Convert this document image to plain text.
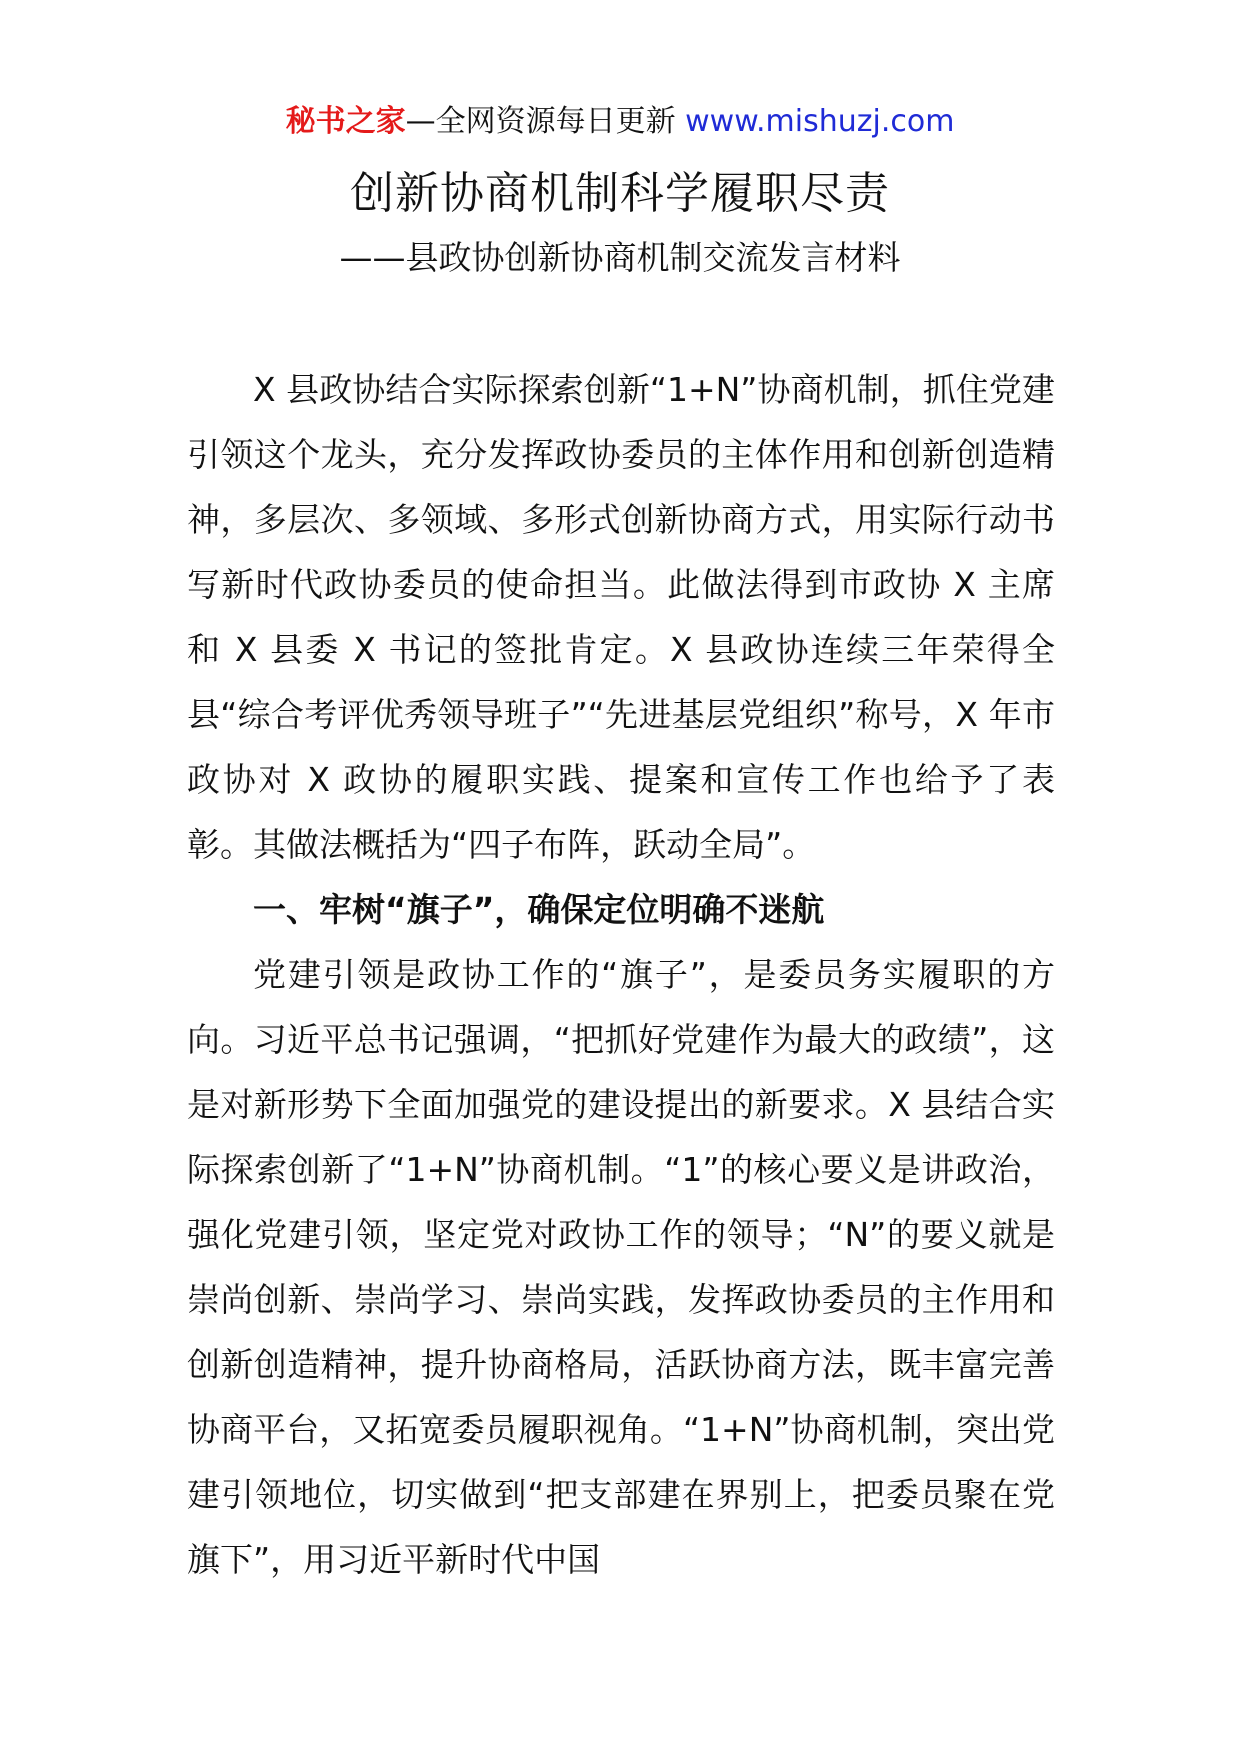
秘书之家—全网资源每日更新 www.mishuzj.com
创新协商机制科学履职尽责
——县政协创新协商机制交流发言材料

X 县政协结合实际探索创新“1+N”协商机制，抓住党建引领这个龙头，充分发挥政协委员的主体作用和创新创造精神，多层次、多领域、多形式创新协商方式，用实际行动书写新时代政协委员的使命担当。此做法得到市政协 X 主席和 X 县委 X 书记的签批肯定。X 县政协连续三年荣得全县“综合考评优秀领导班子”“先进基层党组织”称号，X 年市政协对 X 政协的履职实践、提案和宣传工作也给予了表彰。其做法概括为“四子布阵，跃动全局”。

一、牢树“旗子”，确保定位明确不迷航

党建引领是政协工作的“旗子”，是委员务实履职的方向。习近平总书记强调，“把抓好党建作为最大的政绩”，这是对新形势下全面加强党的建设提出的新要求。X 县结合实际探索创新了“1+N”协商机制。“1”的核心要义是讲政治，强化党建引领，坚定党对政协工作的领导；“N”的要义就是崇尚创新、崇尚学习、崇尚实践，发挥政协委员的主作用和创新创造精神，提升协商格局，活跃协商方法，既丰富完善协商平台，又拓宽委员履职视角。“1+N”协商机制，突出党建引领地位，切实做到“把支部建在界别上，把委员聚在党旗下”，用习近平新时代中国
